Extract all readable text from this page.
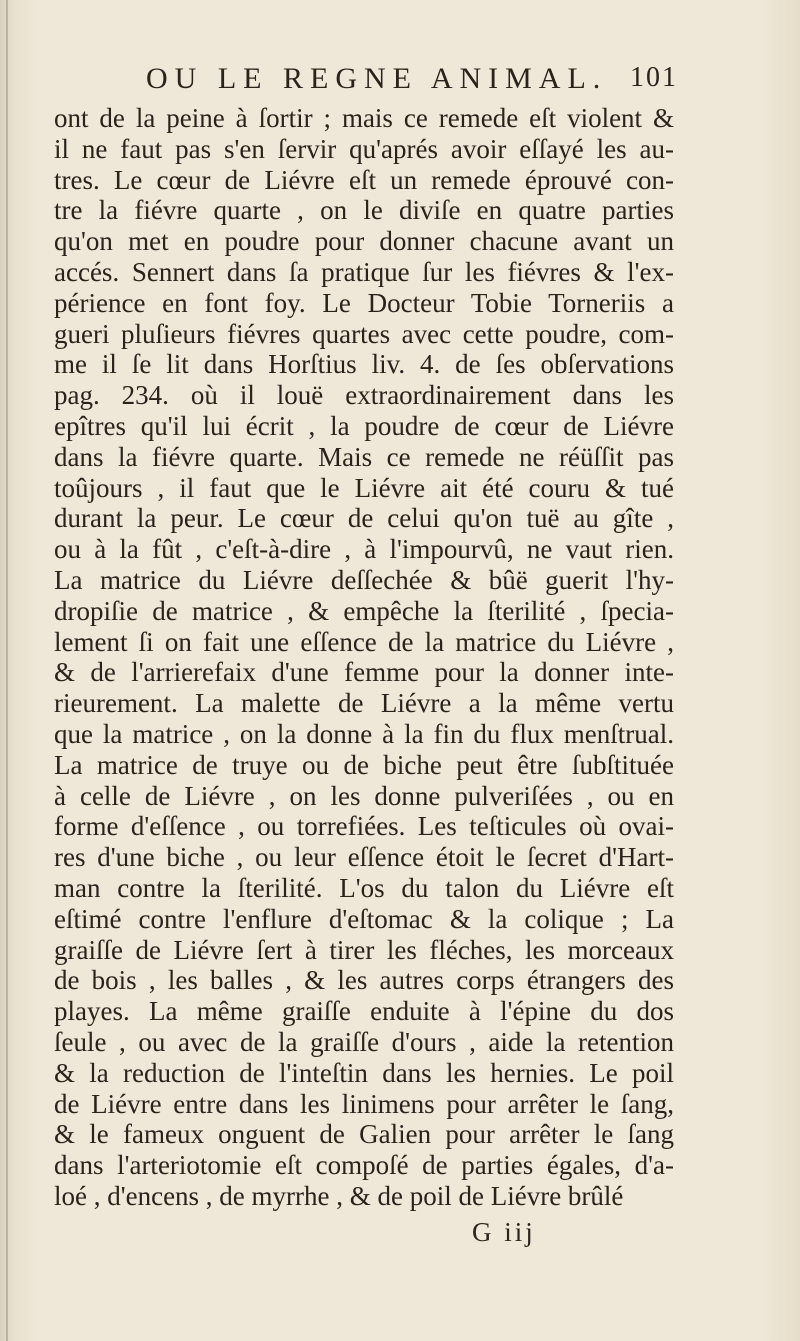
OU LE REGNE ANIMAL. 101
ont de la peine à ſortir ; mais ce remede eſt violent &
il ne faut pas s'en ſervir qu'aprés avoir eſſayé les au-
tres. Le cœur de Liévre eſt un remede éprouvé con-
tre la fiévre quarte , on le diviſe en quatre parties
qu'on met en poudre pour donner chacune avant un
accés. Sennert dans ſa pratique ſur les fiévres & l'ex-
périence en font foy. Le Docteur Tobie Torneriis a
gueri pluſieurs fiévres quartes avec cette poudre, com-
me il ſe lit dans Horſtius liv. 4. de ſes obſervations
pag. 234. où il louë extraordinairement dans les
epîtres qu'il lui écrit , la poudre de cœur de Liévre
dans la fiévre quarte. Mais ce remede ne réüſſit pas
toûjours , il faut que le Liévre ait été couru & tué
durant la peur. Le cœur de celui qu'on tuë au gîte ,
ou à la fût , c'eſt-à-dire , à l'impourvû, ne vaut rien.
La matrice du Liévre deſſechée & bûë guerit l'hy-
dropiſie de matrice , & empêche la ſterilité , ſpecia-
lement ſi on fait une eſſence de la matrice du Liévre ,
& de l'arrierefaix d'une femme pour la donner inte-
rieurement. La malette de Liévre a la même vertu
que la matrice , on la donne à la fin du flux menſtrual.
La matrice de truye ou de biche peut être ſubſtituée
à celle de Liévre , on les donne pulveriſées , ou en
forme d'eſſence , ou torrefiées. Les teſticules où ovai-
res d'une biche , ou leur eſſence étoit le ſecret d'Hart-
man contre la ſterilité. L'os du talon du Liévre eſt
eſtimé contre l'enflure d'eſtomac & la colique ; La
graiſſe de Liévre ſert à tirer les fléches, les morceaux
de bois , les balles , & les autres corps étrangers des
playes. La même graiſſe enduite à l'épine du dos
ſeule , ou avec de la graiſſe d'ours , aide la retention
& la reduction de l'inteſtin dans les hernies. Le poil
de Liévre entre dans les linimens pour arrêter le ſang,
& le fameux onguent de Galien pour arrêter le ſang
dans l'arteriotomie eſt compoſé de parties égales, d'a-
loé , d'encens , de myrrhe , & de poil de Liévre brûlé
G iij
